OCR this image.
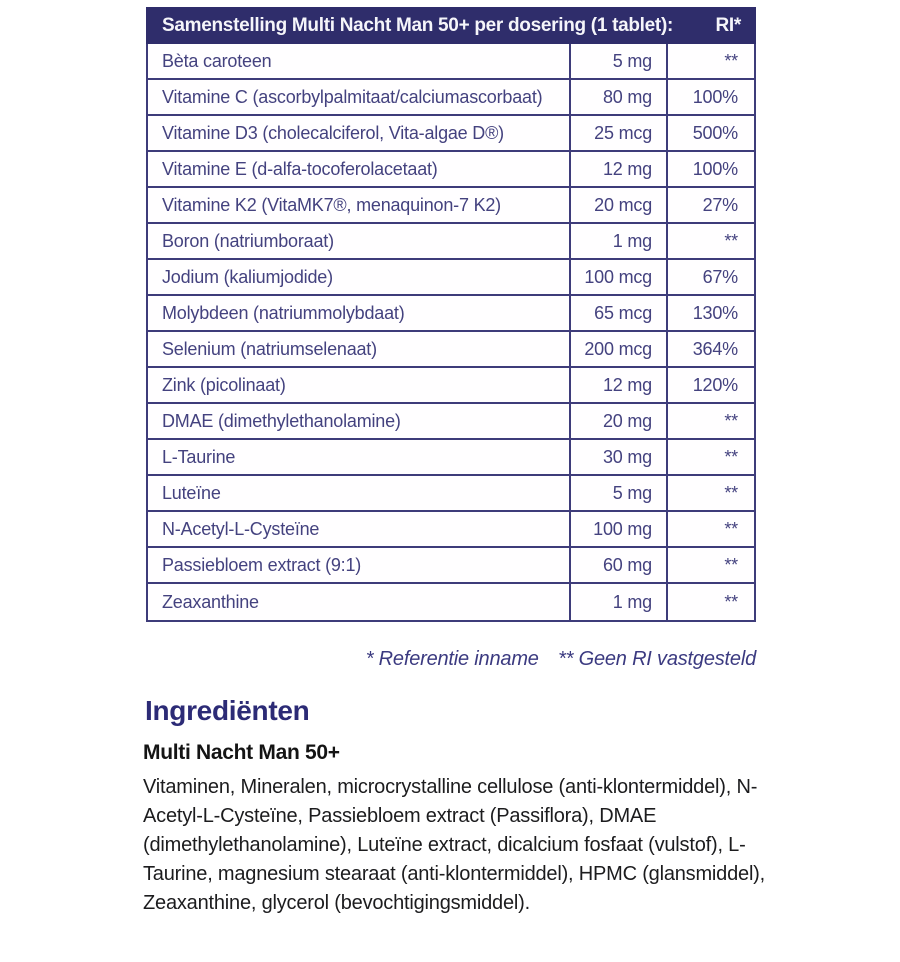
Samenstelling Multi Nacht Man 50+ per dosering (1 tablet): RI*
Bèta caroteen	5 mg	**
Vitamine C (ascorbylpalmitaat/calciumascorbaat)	80 mg	100%
Vitamine D3 (cholecalciferol, Vita-algae D®)	25 mcg	500%
Vitamine E (d-alfa-tocoferolacetaat)	12 mg	100%
Vitamine K2 (VitaMK7®, menaquinon-7 K2)	20 mcg	27%
Boron (natriumboraat)	1 mg	**
Jodium (kaliumjodide)	100 mcg	67%
Molybdeen (natriummolybdaat)	65 mcg	130%
Selenium (natriumselenaat)	200 mcg	364%
Zink (picolinaat)	12 mg	120%
DMAE (dimethylethanolamine)	20 mg	**
L-Taurine	30 mg	**
Luteïne	5 mg	**
N-Acetyl-L-Cysteïne	100 mg	**
Passiebloem extract (9:1)	60 mg	**
Zeaxanthine	1 mg	**
* Referentie inname ** Geen RI vastgesteld
Ingrediënten
Multi Nacht Man 50+
Vitaminen, Mineralen, microcrystalline cellulose (anti-klontermiddel), N-Acetyl-L-Cysteïne, Passiebloem extract (Passiflora), DMAE (dimethylethanolamine), Luteïne extract, dicalcium fosfaat (vulstof), L-Taurine, magnesium stearaat (anti-klontermiddel), HPMC (glansmiddel), Zeaxanthine, glycerol (bevochtigingsmiddel).
